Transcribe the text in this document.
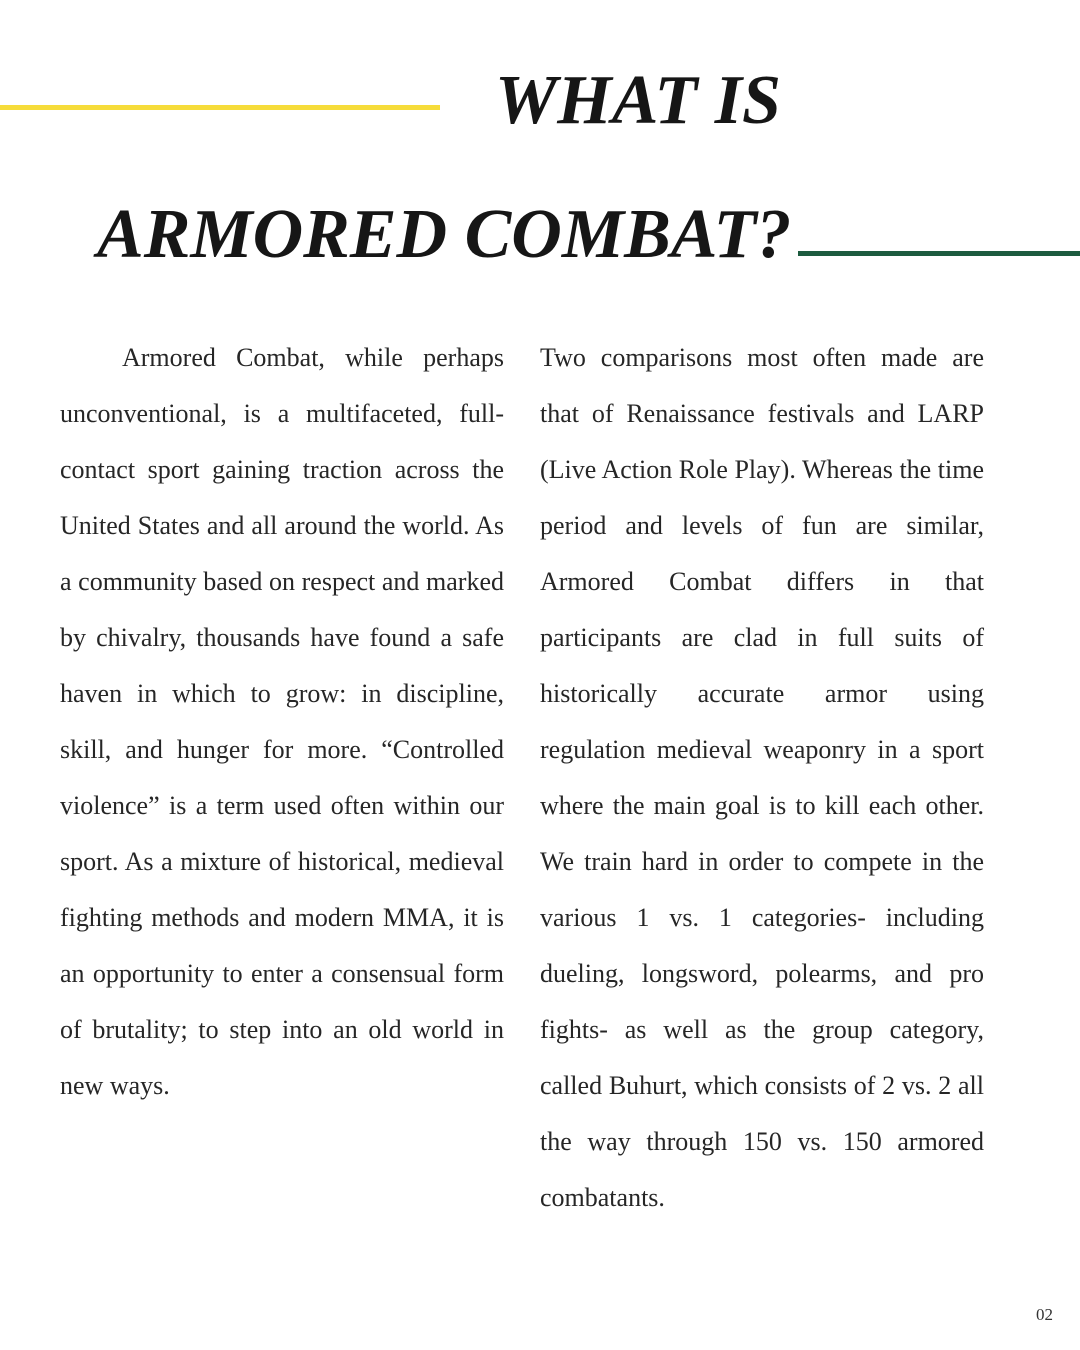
WHAT IS
ARMORED COMBAT?

Armored Combat, while perhaps unconventional, is a multifaceted, full-contact sport gaining traction across the United States and all around the world. As a community based on respect and marked by chivalry, thousands have found a safe haven in which to grow: in discipline, skill, and hunger for more. “Controlled violence” is a term used often within our sport. As a mixture of historical, medieval fighting methods and modern MMA, it is an opportunity to enter a consensual form of brutality; to step into an old world in new ways.

Two comparisons most often made are that of Renaissance festivals and LARP (Live Action Role Play). Whereas the time period and levels of fun are similar, Armored Combat differs in that participants are clad in full suits of historically accurate armor using regulation medieval weaponry in a sport where the main goal is to kill each other. We train hard in order to compete in the various 1 vs. 1 categories- including dueling, longsword, polearms, and pro fights- as well as the group category, called Buhurt, which consists of 2 vs. 2 all the way through 150 vs. 150 armored combatants.

02
